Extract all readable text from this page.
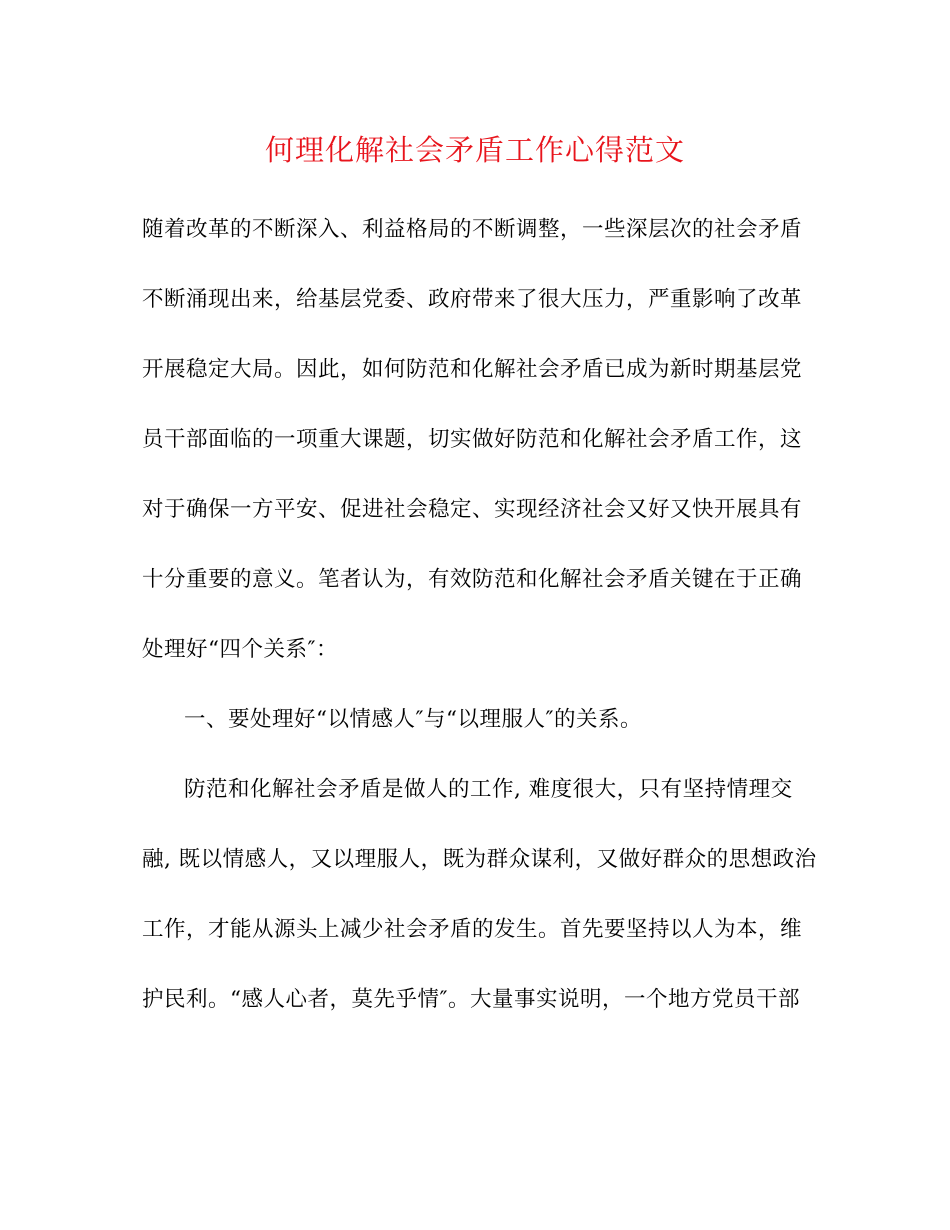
何理化解社会矛盾工作心得范文
随着改革的不断深入、利益格局的不断调整，一些深层次的社会矛盾
不断涌现出来，给基层党委、政府带来了很大压力，严重影响了改革
开展稳定大局。因此，如何防范和化解社会矛盾已成为新时期基层党
员干部面临的一项重大课题，切实做好防范和化解社会矛盾工作，这
对于确保一方平安、促进社会稳定、实现经济社会又好又快开展具有
十分重要的意义。笔者认为，有效防范和化解社会矛盾关键在于正确
处理好“四个关系″：
一、要处理好“以情感人″与“以理服人″的关系。
防范和化解社会矛盾是做人的工作, 难度很大，只有坚持情理交
融, 既以情感人，又以理服人，既为群众谋利，又做好群众的思想政治
工作，才能从源头上减少社会矛盾的发生。首先要坚持以人为本，维
护民利。“感人心者，莫先乎情″。大量事实说明，一个地方党员干部
